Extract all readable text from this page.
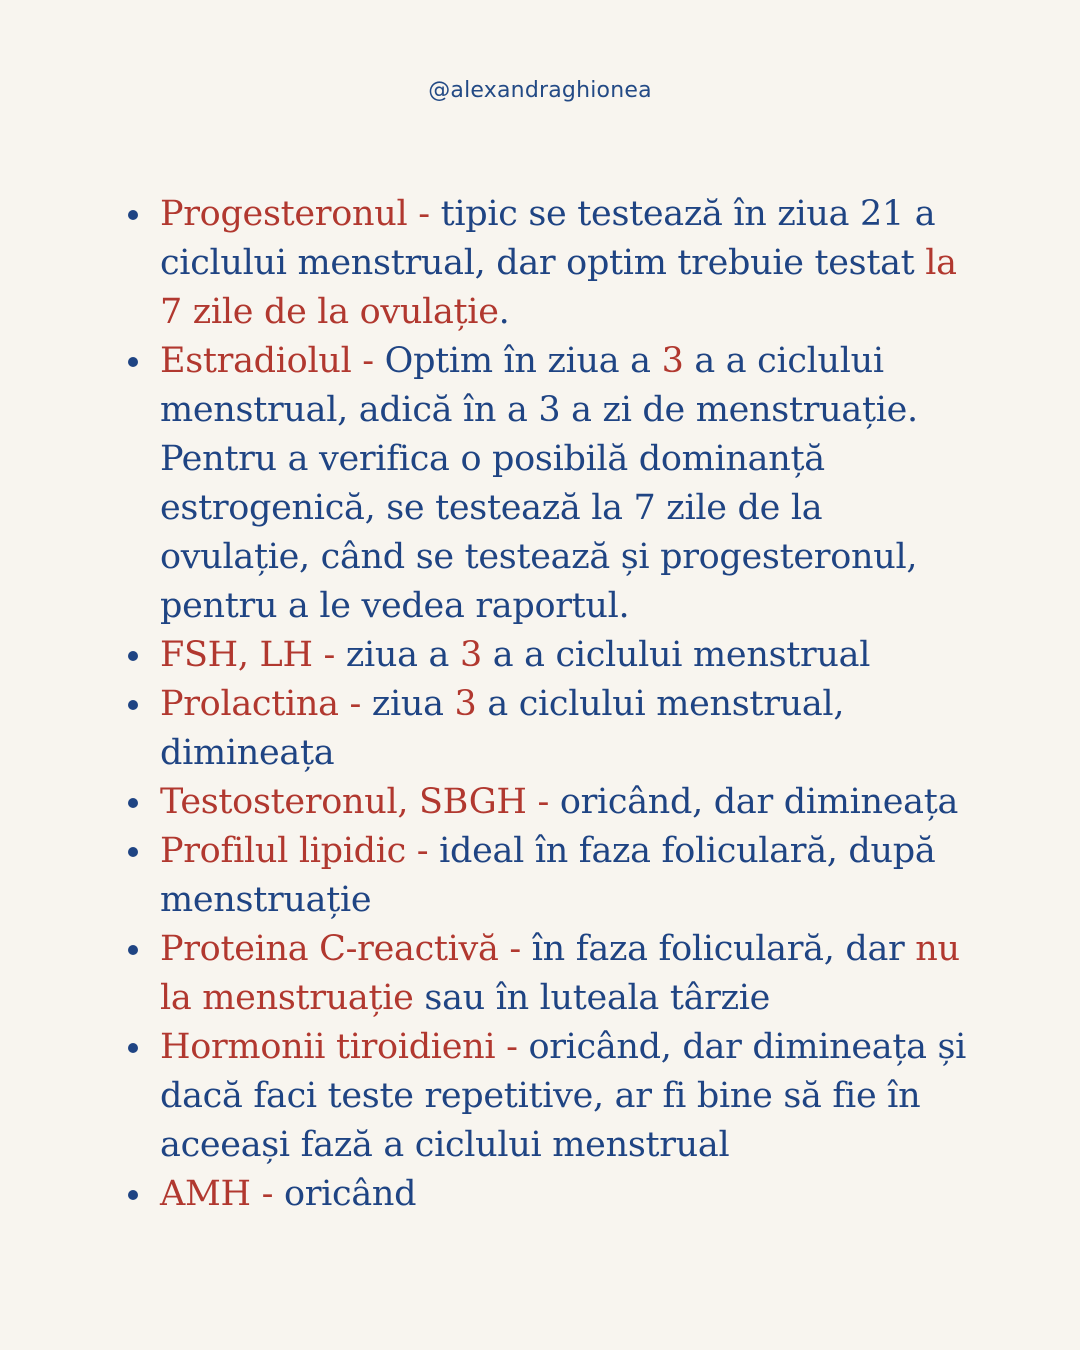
@alexandraghionea
Progesteronul - tipic se testează în ziua 21 a ciclului menstrual, dar optim trebuie testat la 7 zile de la ovulație.
Estradiolul - Optim în ziua a 3 a a ciclului menstrual, adică în a 3 a zi de menstruație. Pentru a verifica o posibilă dominanță estrogenică, se testează la 7 zile de la ovulație, când se testează și progesteronul, pentru a le vedea raportul.
FSH, LH - ziua a 3 a a ciclului menstrual
Prolactina - ziua 3 a ciclului menstrual, dimineața
Testosteronul, SBGH - oricând, dar dimineața
Profilul lipidic - ideal în faza foliculară, după menstruație
Proteina C-reactivă - în faza foliculară, dar nu la menstruație sau în luteala târzie
Hormonii tiroidieni - oricând, dar dimineața și dacă faci teste repetitive, ar fi bine să fie în aceeași fază a ciclului menstrual
AMH - oricând
